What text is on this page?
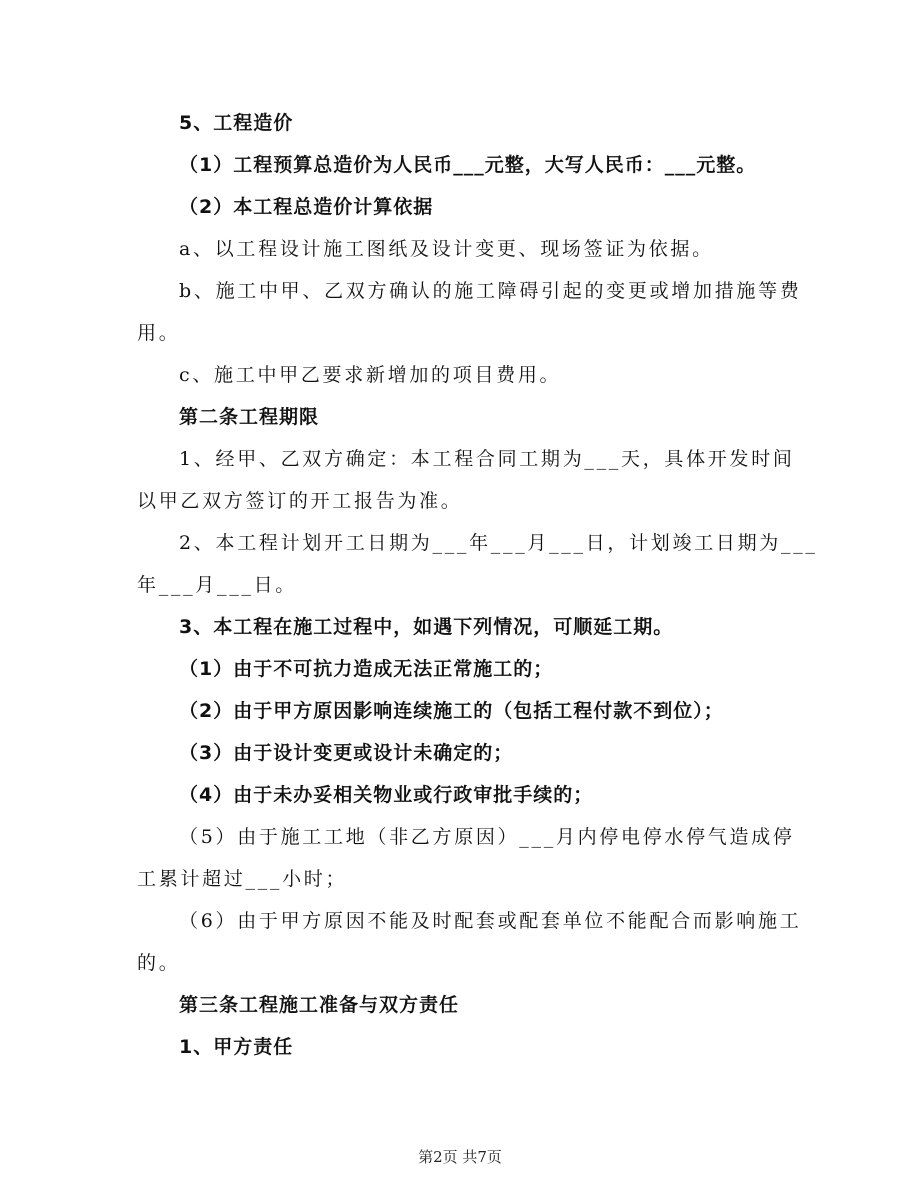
5、工程造价

（1）工程预算总造价为人民币___元整，大写人民币：___元整。

（2）本工程总造价计算依据

a、以工程设计施工图纸及设计变更、现场签证为依据。

b、施工中甲、乙双方确认的施工障碍引起的变更或增加措施等费

用。

c、施工中甲乙要求新增加的项目费用。

第二条工程期限

1、经甲、乙双方确定：本工程合同工期为___天，具体开发时间

以甲乙双方签订的开工报告为准。

2、本工程计划开工日期为___年___月___日，计划竣工日期为___

年___月___日。

3、本工程在施工过程中，如遇下列情况，可顺延工期。

（1）由于不可抗力造成无法正常施工的；

（2）由于甲方原因影响连续施工的（包括工程付款不到位）；

（3）由于设计变更或设计未确定的；

（4）由于未办妥相关物业或行政审批手续的；

（5）由于施工工地（非乙方原因）___月内停电停水停气造成停

工累计超过___小时；

（6）由于甲方原因不能及时配套或配套单位不能配合而影响施工

的。

第三条工程施工准备与双方责任

1、甲方责任

第2页 共7页
